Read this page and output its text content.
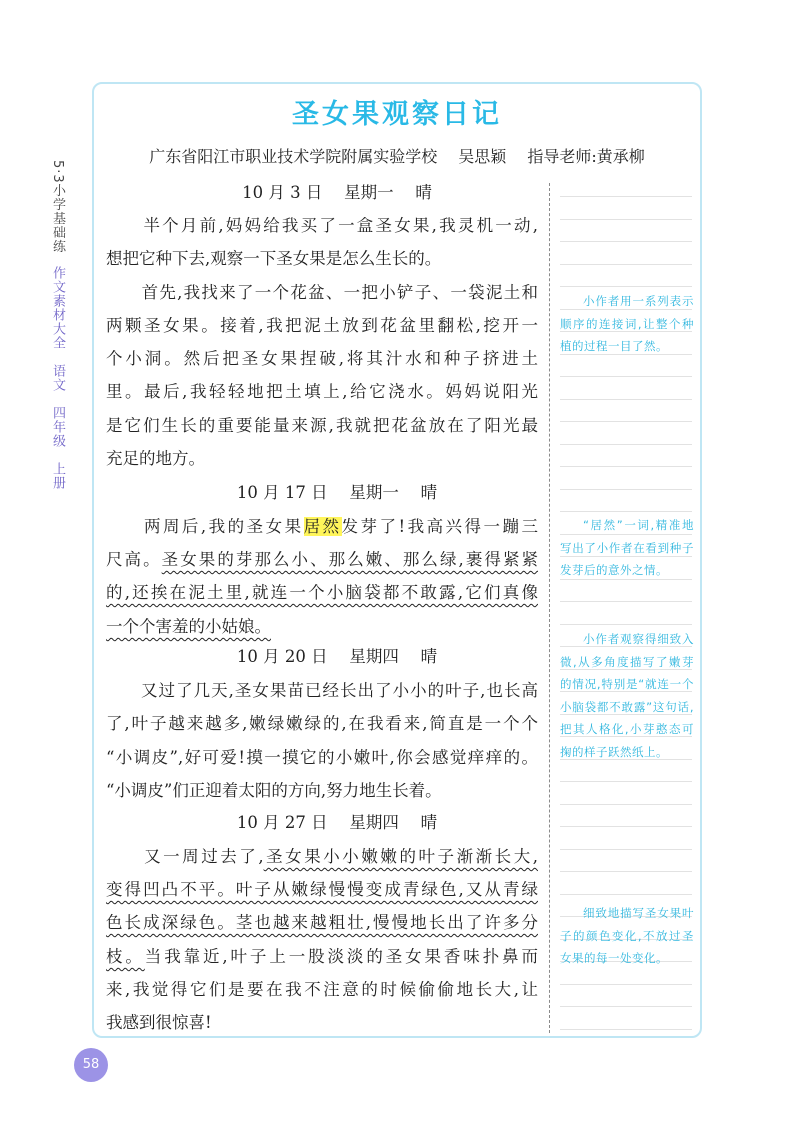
5·3小学基础练
作文素材大全　语文　四年级　上册
圣女果观察日记
广东省阳江市职业技术学院附属实验学校 吴思颖 指导老师:黄承柳
10 月 3 日　 星期一　 晴
　　半个月前,妈妈给我买了一盒圣女果,我灵机一动,
想把它种下去,观察一下圣女果是怎么生长的。
　　首先,我找来了一个花盆、一把小铲子、一袋泥土和
两颗圣女果。接着,我把泥土放到花盆里翻松,挖开一
个小洞。然后把圣女果捏破,将其汁水和种子挤进土
里。最后,我轻轻地把土填上,给它浇水。妈妈说阳光
是它们生长的重要能量来源,我就把花盆放在了阳光最
充足的地方。
10 月 17 日　 星期一　 晴
　　两周后,我的圣女果居然发芽了!我高兴得一蹦三
尺高。圣女果的芽那么小、那么嫩、那么绿,裹得紧紧
的,还挨在泥土里,就连一个小脑袋都不敢露,它们真像
一个个害羞的小姑娘。
10 月 20 日　 星期四　 晴
　　又过了几天,圣女果苗已经长出了小小的叶子,也长高
了,叶子越来越多,嫩绿嫩绿的,在我看来,简直是一个个
“小调皮”,好可爱!摸一摸它的小嫩叶,你会感觉痒痒的。
“小调皮”们正迎着太阳的方向,努力地生长着。
10 月 27 日　 星期四　 晴
　　又一周过去了,圣女果小小嫩嫩的叶子渐渐长大,
变得凹凸不平。叶子从嫩绿慢慢变成青绿色,又从青绿
色长成深绿色。茎也越来越粗壮,慢慢地长出了许多分
枝。当我靠近,叶子上一股淡淡的圣女果香味扑鼻而
来,我觉得它们是要在我不注意的时候偷偷地长大,让
我感到很惊喜!
小作者用一系列表示顺序的连接词,让整个种植的过程一目了然。
“居然”一词,精准地写出了小作者在看到种子发芽后的意外之情。
小作者观察得细致入微,从多角度描写了嫩芽的情况,特别是“就连一个小脑袋都不敢露”这句话,把其人格化,小芽憨态可掬的样子跃然纸上。
细致地描写圣女果叶子的颜色变化,不放过圣女果的每一处变化。
58
